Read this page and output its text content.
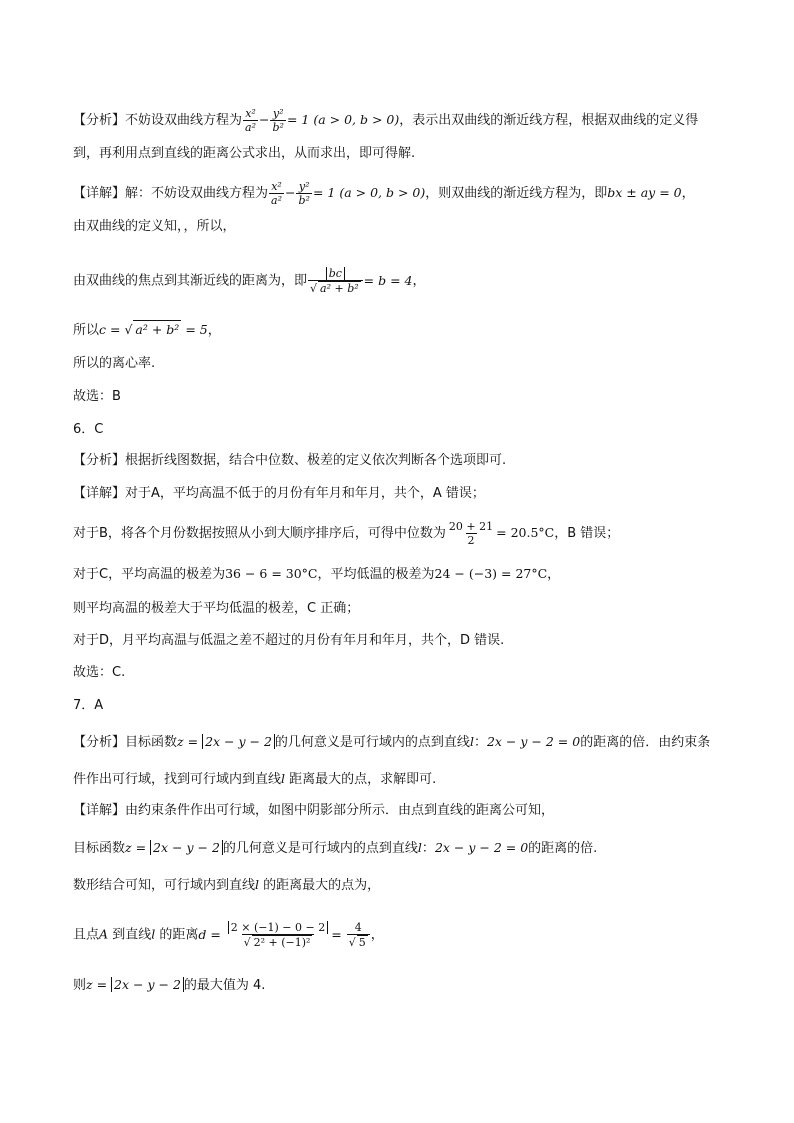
【分析】不妨设双曲线方程为 $\frac{\text{x²}}{\text{a²}} - \frac{\text{y²}}{\text{b²}} = 1$ (a > 0, b > 0)，表示出双曲线的渐近线方程，根据双曲线的定义得
到，再利用点到直线的距离公式求出，从而求出，即可得解.
【详解】解：不妨设双曲线方程为 $\frac{\text{x²}}{\text{a²}} - \frac{\text{y²}}{\text{b²}} = 1$ (a > 0, b > 0)，则双曲线的渐近线方程为，即bx ± ay = 0，
由双曲线的定义知，，所以，
由双曲线的焦点到其渐近线的距离为，即 $\frac{bc}{\text{√ a² + b²}} = b = 4$，
所以c = √ a² + b² = 5，
所以的离心率.
故选：B
6．C
【分析】根据折线图数据，结合中位数、极差的定义依次判断各个选项即可.
【详解】对于A，平均高温不低于的月份有年月和年月，共个，A 错误；
对于B，将各个月份数据按照从小到大顺序排序后，可得中位数为 $\frac{20 + 21}{2} = 20.5^\circ C$，B 错误；
对于C，平均高温的极差为36 − 6 = 30°C，平均低温的极差为24 − (−3) = 27°C，
则平均高温的极差大于平均低温的极差，C 正确；
对于D，月平均高温与低温之差不超过的月份有年月和年月，共个，D 错误.
故选：C.
7．A
【分析】目标函数z = 2x − y − 2 的几何意义是可行域内的点到直线l：2x − y − 2 = 0的距离的倍．由约束条
件作出可行域，找到可行域内到直线l 距离最大的点，求解即可.
【详解】由约束条件作出可行域，如图中阴影部分所示．由点到直线的距离公可知，
目标函数z = 2x − y − 2 的几何意义是可行域内的点到直线l：2x − y − 2 = 0的距离的倍.
数形结合可知，可行域内到直线l 的距离最大的点为，
且点A 到直线l 的距离$d = \frac{2 \times (-1) - 0 - 2}{\text{√ 2² + (−1)²}} = \frac{4}{√ 5}$ ，
则z = 2x − y − 2 的最大值为 4.
